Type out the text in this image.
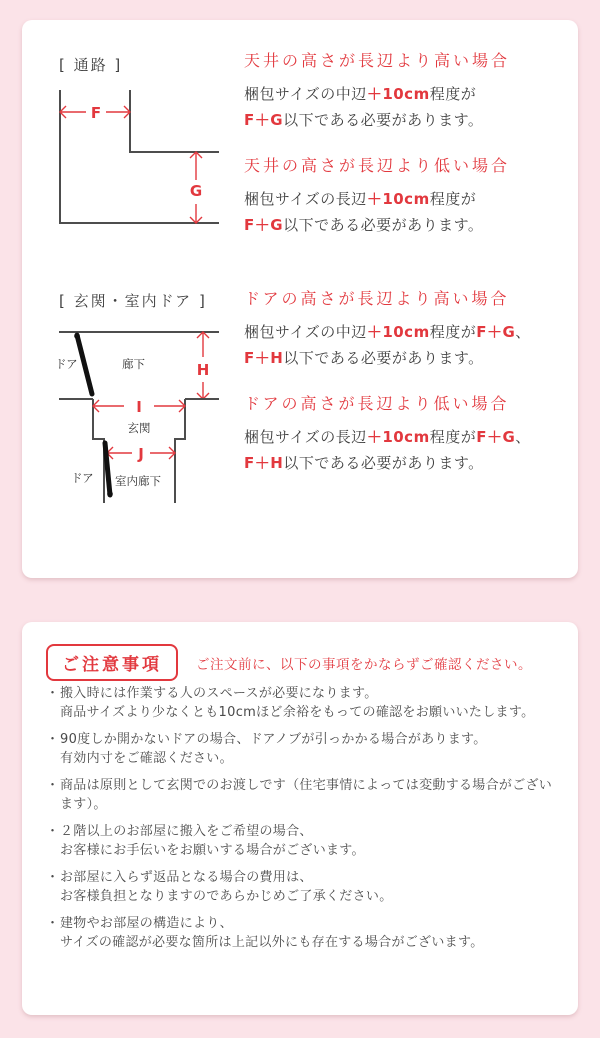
[ 通路 ]
F
G
天井の高さが長辺より高い場合

梱包サイズの中辺＋10cm程度が
F＋G以下である必要があります。

天井の高さが長辺より低い場合

梱包サイズの長辺＋10cm程度が
F＋G以下である必要があります。

[ 玄関・室内ドア ]
ドア	廊下	H
I
玄関
J
ドア 室内廊下
ドアの高さが長辺より高い場合

梱包サイズの中辺＋10cm程度がF＋G、
F＋H以下である必要があります。

ドアの高さが長辺より低い場合

梱包サイズの長辺＋10cm程度がF＋G、
F＋H以下である必要があります。

ご注意事項	ご注文前に、以下の事項をかならずご確認ください。
・ 搬入時には作業する人のスペースが必要になります。
商品サイズより少なくとも10cmほど余裕をもっての確認をお願いいたします。
・ 90度しか開かないドアの場合、ドアノブが引っかかる場合があります。
有効内寸をご確認ください。
・ 商品は原則として玄関でのお渡しです（住宅事情によっては変動する場合がございます）。
・ ２階以上のお部屋に搬入をご希望の場合、
お客様にお手伝いをお願いする場合がございます。
・ お部屋に入らず返品となる場合の費用は、
お客様負担となりますのであらかじめご了承ください。
・ 建物やお部屋の構造により、
サイズの確認が必要な箇所は上記以外にも存在する場合がございます。
